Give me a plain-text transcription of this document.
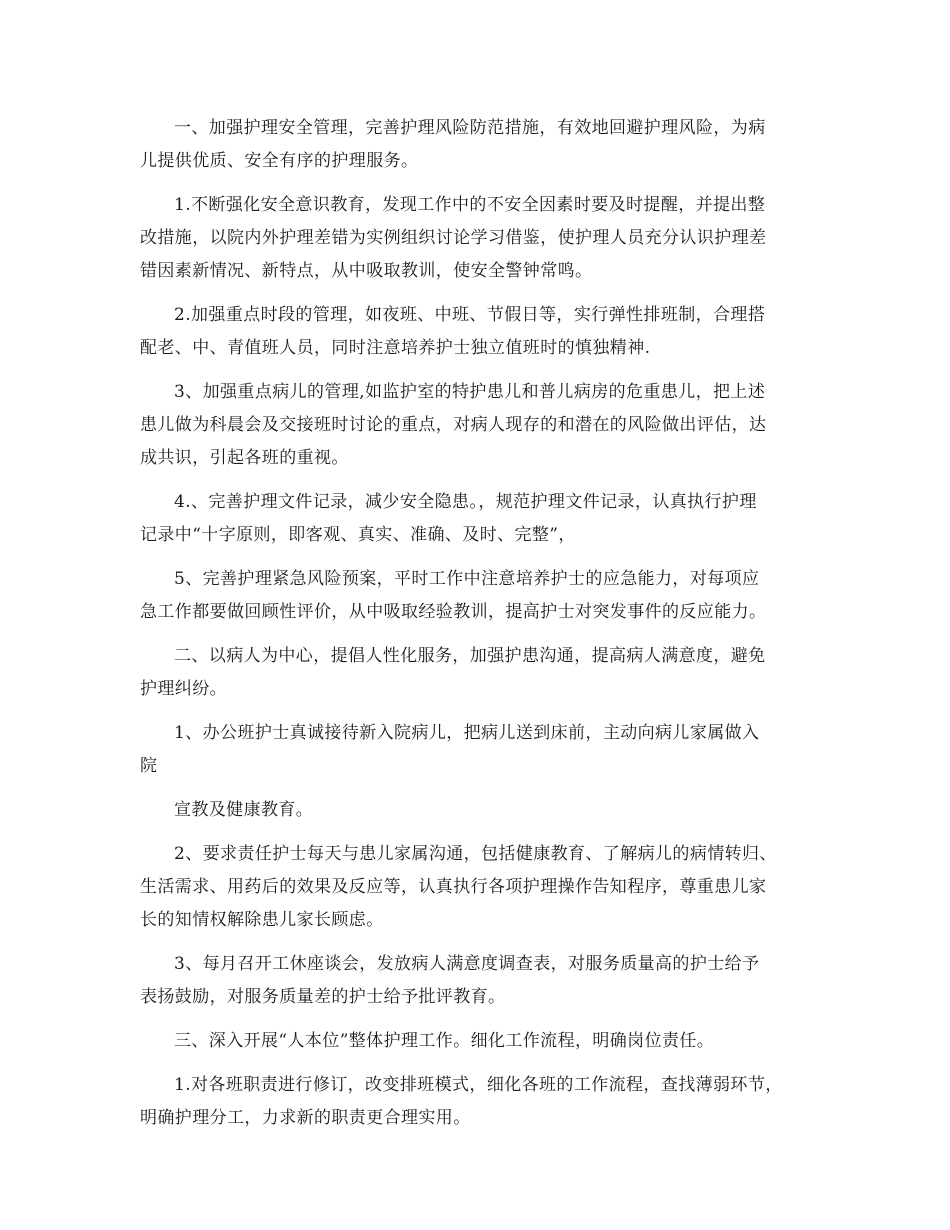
一、加强护理安全管理，完善护理风险防范措施，有效地回避护理风险，为病
儿提供优质、安全有序的护理服务。

1.不断强化安全意识教育，发现工作中的不安全因素时要及时提醒，并提出整
改措施，以院内外护理差错为实例组织讨论学习借鉴，使护理人员充分认识护理差
错因素新情况、新特点，从中吸取教训，使安全警钟常鸣。

2.加强重点时段的管理，如夜班、中班、节假日等，实行弹性排班制，合理搭
配老、中、青值班人员，同时注意培养护士独立值班时的慎独精神.

3、加强重点病儿的管理,如监护室的特护患儿和普儿病房的危重患儿，把上述
患儿做为科晨会及交接班时讨论的重点，对病人现存的和潜在的风险做出评估，达
成共识，引起各班的重视。

4.、完善护理文件记录，减少安全隐患。，规范护理文件记录，认真执行护理
记录中“十字原则，即客观、真实、准确、及时、完整”，

5、完善护理紧急风险预案，平时工作中注意培养护士的应急能力，对每项应
急工作都要做回顾性评价，从中吸取经验教训，提高护士对突发事件的反应能力。

二、以病人为中心，提倡人性化服务，加强护患沟通，提高病人满意度，避免
护理纠纷。

1、办公班护士真诚接待新入院病儿，把病儿送到床前，主动向病儿家属做入
院

宣教及健康教育。

2、要求责任护士每天与患儿家属沟通，包括健康教育、了解病儿的病情转归、
生活需求、用药后的效果及反应等，认真执行各项护理操作告知程序，尊重患儿家
长的知情权解除患儿家长顾虑。

3、每月召开工休座谈会，发放病人满意度调查表，对服务质量高的护士给予
表扬鼓励，对服务质量差的护士给予批评教育。

三、深入开展“人本位”整体护理工作。细化工作流程，明确岗位责任。

1.对各班职责进行修订，改变排班模式，细化各班的工作流程，查找薄弱环节，
明确护理分工，力求新的职责更合理实用。
